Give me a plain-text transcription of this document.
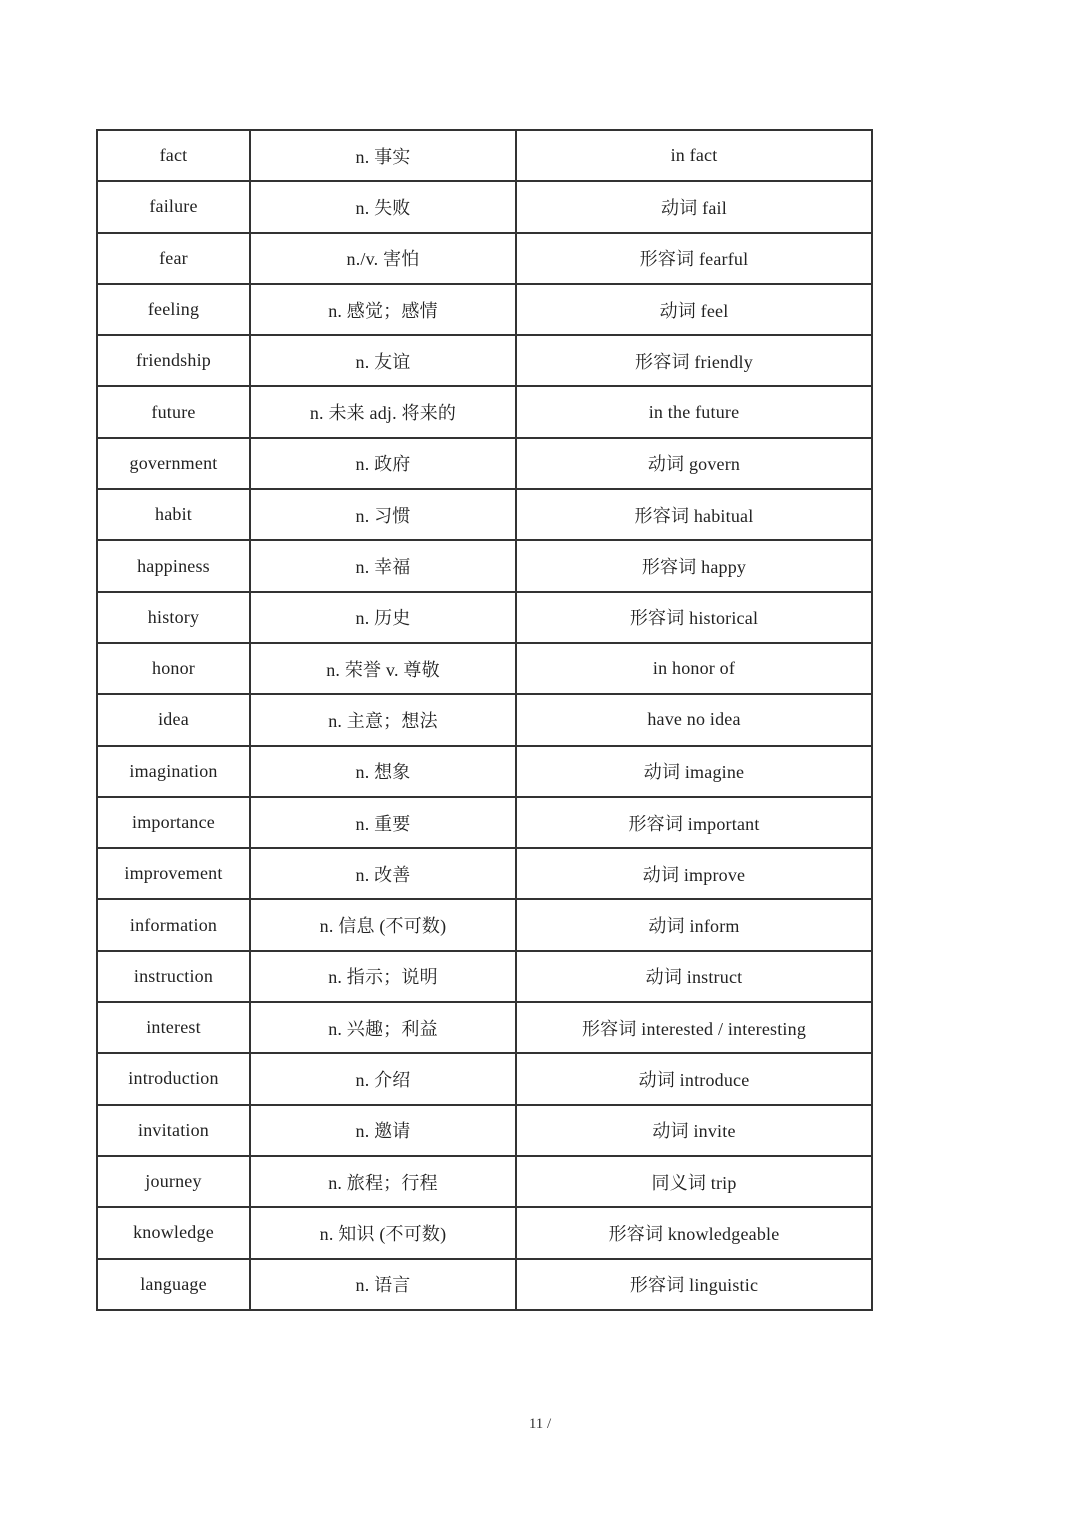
fact	n. 事实	in fact
failure	n. 失败	动词 fail
fear	n./v. 害怕	形容词 fearful
feeling	n. 感觉；感情	动词 feel
friendship	n. 友谊	形容词 friendly
future	n. 未来 adj. 将来的	in the future
government	n. 政府	动词 govern
habit	n. 习惯	形容词 habitual
happiness	n. 幸福	形容词 happy
history	n. 历史	形容词 historical
honor	n. 荣誉 v. 尊敬	in honor of
idea	n. 主意；想法	have no idea
imagination	n. 想象	动词 imagine
importance	n. 重要	形容词 important
improvement	n. 改善	动词 improve
information	n. 信息 (不可数)	动词 inform
instruction	n. 指示；说明	动词 instruct
interest	n. 兴趣；利益	形容词 interested / interesting
introduction	n. 介绍	动词 introduce
invitation	n. 邀请	动词 invite
journey	n. 旅程；行程	同义词 trip
knowledge	n. 知识 (不可数)	形容词 knowledgeable
language	n. 语言	形容词 linguistic
11 /
